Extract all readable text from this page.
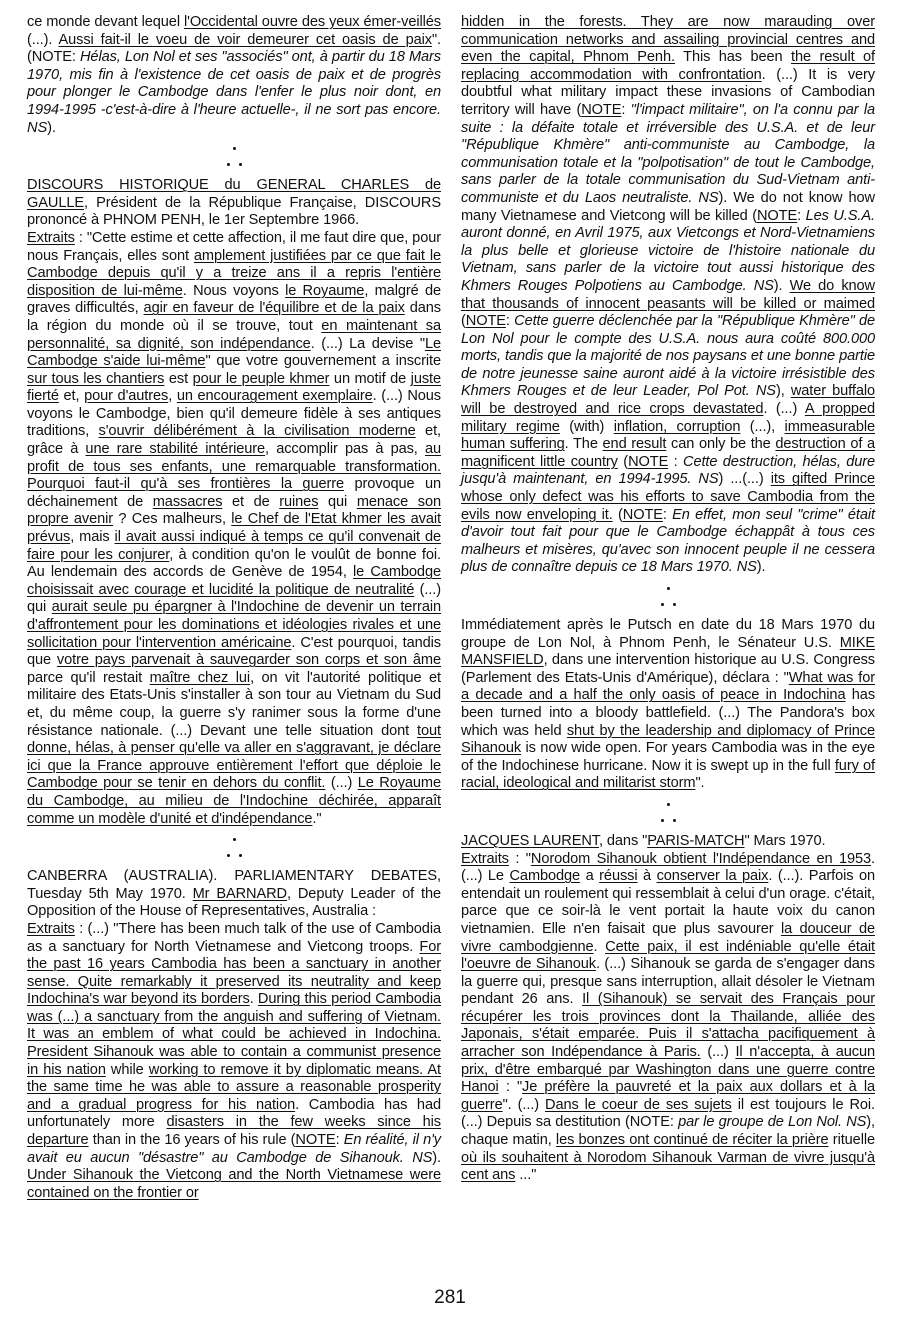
ce monde devant lequel l'Occidental ouvre des yeux émer-veillés (...). Aussi fait-il le voeu de voir demeurer cet oasis de paix". (NOTE: Hélas, Lon Nol et ses "associés" ont, à partir du 18 Mars 1970, mis fin à l'existence de cet oasis de paix et de progrès pour plonger le Cambodge dans l'enfer le plus noir dont, en 1994-1995 -c'est-à-dire à l'heure actuelle-, il ne sort pas encore. NS).

DISCOURS HISTORIQUE du GENERAL CHARLES de GAULLE, Président de la République Française, DISCOURS prononcé à PHNOM PENH, le 1er Septembre 1966.

Extraits : "Cette estime et cette affection, il me faut dire que, pour nous Français, elles sont amplement justifiées par ce que fait le Cambodge depuis qu'il y a treize ans il a repris l'entière disposition de lui-même. Nous voyons le Royaume, malgré de graves difficultés, agir en faveur de l'équilibre et de la paix dans la région du monde où il se trouve, tout en maintenant sa personnalité, sa dignité, son indépendance. (...) La devise "Le Cambodge s'aide lui-même" que votre gouvernement a inscrite sur tous les chantiers est pour le peuple khmer un motif de juste fierté et, pour d'autres, un encouragement exemplaire. (...) Nous voyons le Cambodge, bien qu'il demeure fidèle à ses antiques traditions, s'ouvrir délibérément à la civilisation moderne et, grâce à une rare stabilité intérieure, accomplir pas à pas, au profit de tous ses enfants, une remarquable transformation. Pourquoi faut-il qu'à ses frontières la guerre provoque un déchainement de massacres et de ruines qui menace son propre avenir ? Ces malheurs, le Chef de l'Etat khmer les avait prévus, mais il avait aussi indiqué à temps ce qu'il convenait de faire pour les conjurer, à condition qu'on le voulût de bonne foi. Au lendemain des accords de Genève de 1954, le Cambodge choisissait avec courage et lucidité la politique de neutralité (...) qui aurait seule pu épargner à l'Indochine de devenir un terrain d'affrontement pour les dominations et idéologies rivales et une sollicitation pour l'intervention américaine. C'est pourquoi, tandis que votre pays parvenait à sauvegarder son corps et son âme parce qu'il restait maître chez lui, on vit l'autorité politique et militaire des Etats-Unis s'installer à son tour au Vietnam du Sud et, du même coup, la guerre s'y ranimer sous la forme d'une résistance nationale. (...) Devant une telle situation dont tout donne, hélas, à penser qu'elle va aller en s'aggravant, je déclare ici que la France approuve entièrement l'effort que déploie le Cambodge pour se tenir en dehors du conflit. (...) Le Royaume du Cambodge, au milieu de l'Indochine déchirée, apparaît comme un modèle d'unité et d'indépendance."

CANBERRA (AUSTRALIA). PARLIAMENTARY DEBATES, Tuesday 5th May 1970. Mr BARNARD, Deputy Leader of the Opposition of the House of Representatives, Australia :

Extraits : (...) "There has been much talk of the use of Cambodia as a sanctuary for North Vietnamese and Vietcong troops. For the past 16 years Cambodia has been a sanctuary in another sense. Quite remarkably it preserved its neutrality and keep Indochina's war beyond its borders. During this period Cambodia was (...) a sanctuary from the anguish and suffering of Vietnam. It was an emblem of what could be achieved in Indochina. President Sihanouk was able to contain a communist presence in his nation while working to remove it by diplomatic means. At the same time he was able to assure a reasonable prosperity and a gradual progress for his nation. Cambodia has had unfortunately more disasters in the few weeks since his departure than in the 16 years of his rule (NOTE: En réalité, il n'y avait eu aucun "désastre" au Cambodge de Sihanouk. NS). Under Sihanouk the Vietcong and the North Vietnamese were contained on the frontier or

hidden in the forests. They are now marauding over communication networks and assailing provincial centres and even the capital, Phnom Penh. This has been the result of replacing accommodation with confrontation. (...) It is very doubtful what military impact these invasions of Cambodian territory will have (NOTE: "l'impact militaire", on l'a connu par la suite : la défaite totale et irréversible des U.S.A. et de leur "République Khmère" anti-communiste au Cambodge, la communisation totale et la "polpotisation" de tout le Cambodge, sans parler de la totale communisation du Sud-Vietnam anti-communiste et du Laos neutraliste. NS). We do not know how many Vietnamese and Vietcong will be killed (NOTE: Les U.S.A. auront donné, en Avril 1975, aux Vietcongs et Nord-Vietnamiens la plus belle et glorieuse victoire de l'histoire nationale du Vietnam, sans parler de la victoire tout aussi historique des Khmers Rouges Polpotiens au Cambodge. NS). We do know that thousands of innocent peasants will be killed or maimed (NOTE: Cette guerre déclenchée par la "République Khmère" de Lon Nol pour le compte des U.S.A. nous aura coûté 800.000 morts, tandis que la majorité de nos paysans et une bonne partie de notre jeunesse saine auront aidé à la victoire irrésistible des Khmers Rouges et de leur Leader, Pol Pot. NS), water buffalo will be destroyed and rice crops devastated. (...) A propped military regime (with) inflation, corruption (...), immeasurable human suffering. The end result can only be the destruction of a magnificent little country (NOTE : Cette destruction, hélas, dure jusqu'à maintenant, en 1994-1995. NS) ...(...) its gifted Prince whose only defect was his efforts to save Cambodia from the evils now enveloping it. (NOTE: En effet, mon seul "crime" était d'avoir tout fait pour que le Cambodge échappât à tous ces malheurs et misères, qu'avec son innocent peuple il ne cessera plus de connaître depuis ce 18 Mars 1970. NS).

Immédiatement après le Putsch en date du 18 Mars 1970 du groupe de Lon Nol, à Phnom Penh, le Sénateur U.S. MIKE MANSFIELD, dans une intervention historique au U.S. Congress (Parlement des Etats-Unis d'Amérique), déclara : "What was for a decade and a half the only oasis of peace in Indochina has been turned into a bloody battlefield. (...) The Pandora's box which was held shut by the leadership and diplomacy of Prince Sihanouk is now wide open. For years Cambodia was in the eye of the Indochinese hurricane. Now it is swept up in the full fury of racial, ideological and militarist storm".

JACQUES LAURENT, dans "PARIS-MATCH" Mars 1970.

Extraits : "Norodom Sihanouk obtient l'Indépendance en 1953. (...) Le Cambodge a réussi à conserver la paix. (...). Parfois on entendait un roulement qui ressemblait à celui d'un orage. c'était, parce que ce soir-là le vent portait la haute voix du canon vietnamien. Elle n'en faisait que plus savourer la douceur de vivre cambodgienne. Cette paix, il est indéniable qu'elle était l'oeuvre de Sihanouk. (...) Sihanouk se garda de s'engager dans la guerre qui, presque sans interruption, allait désoler le Vietnam pendant 26 ans. Il (Sihanouk) se servait des Français pour récupérer les trois provinces dont la Thailande, alliée des Japonais, s'était emparée. Puis il s'attacha pacifiquement à arracher son Indépendance à Paris. (...) Il n'accepta, à aucun prix, d'être embarqué par Washington dans une guerre contre Hanoi : "Je préfère la pauvreté et la paix aux dollars et à la guerre". (...) Dans le coeur de ses sujets il est toujours le Roi. (...) Depuis sa destitution (NOTE: par le groupe de Lon Nol. NS), chaque matin, les bonzes ont continué de réciter la prière rituelle où ils souhaitent à Norodom Sihanouk Varman de vivre jusqu'à cent ans ..."

281
